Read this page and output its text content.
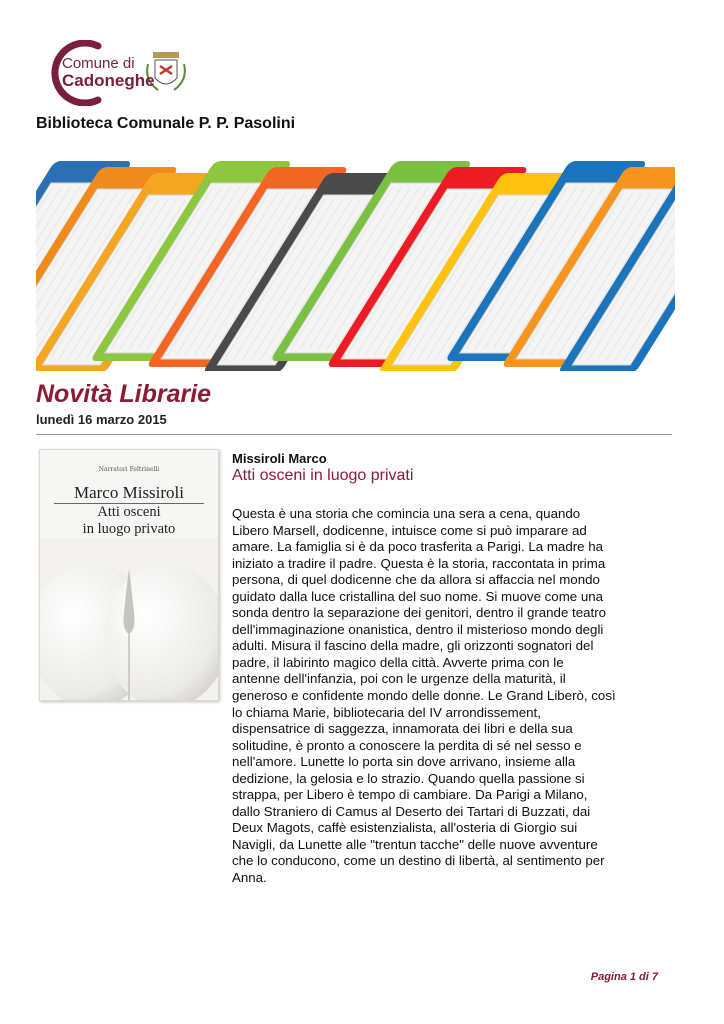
Comune di
Cadoneghe
Biblioteca Comunale P. P. Pasolini
Novità Librarie
lunedì 16 marzo 2015
Narratori Feltrinelli
Marco Missiroli
Atti osceni
in luogo privato
Missiroli Marco
Atti osceni in luogo privati

Questa è una storia che comincia una sera a cena, quando
Libero Marsell, dodicenne, intuisce come si può imparare ad
amare. La famiglia si è da poco trasferita a Parigi. La madre ha
iniziato a tradire il padre. Questa è la storia, raccontata in prima
persona, di quel dodicenne che da allora si affaccia nel mondo
guidato dalla luce cristallina del suo nome. Si muove come una
sonda dentro la separazione dei genitori, dentro il grande teatro
dell'immaginazione onanistica, dentro il misterioso mondo degli
adulti. Misura il fascino della madre, gli orizzonti sognatori del
padre, il labirinto magico della città. Avverte prima con le
antenne dell'infanzia, poi con le urgenze della maturità, il
generoso e confidente mondo delle donne. Le Grand Liberò, così
lo chiama Marie, bibliotecaria del IV arrondissement,
dispensatrice di saggezza, innamorata dei libri e della sua
solitudine, è pronto a conoscere la perdita di sé nel sesso e
nell'amore. Lunette lo porta sin dove arrivano, insieme alla
dedizione, la gelosia e lo strazio. Quando quella passione si
strappa, per Libero è tempo di cambiare. Da Parigi a Milano,
dallo Straniero di Camus al Deserto dei Tartari di Buzzati, dai
Deux Magots, caffè esistenzialista, all'osteria di Giorgio sui
Navigli, da Lunette alle "trentun tacche" delle nuove avventure
che lo conducono, come un destino di libertà, al sentimento per
Anna.

Pagina 1 di 7
